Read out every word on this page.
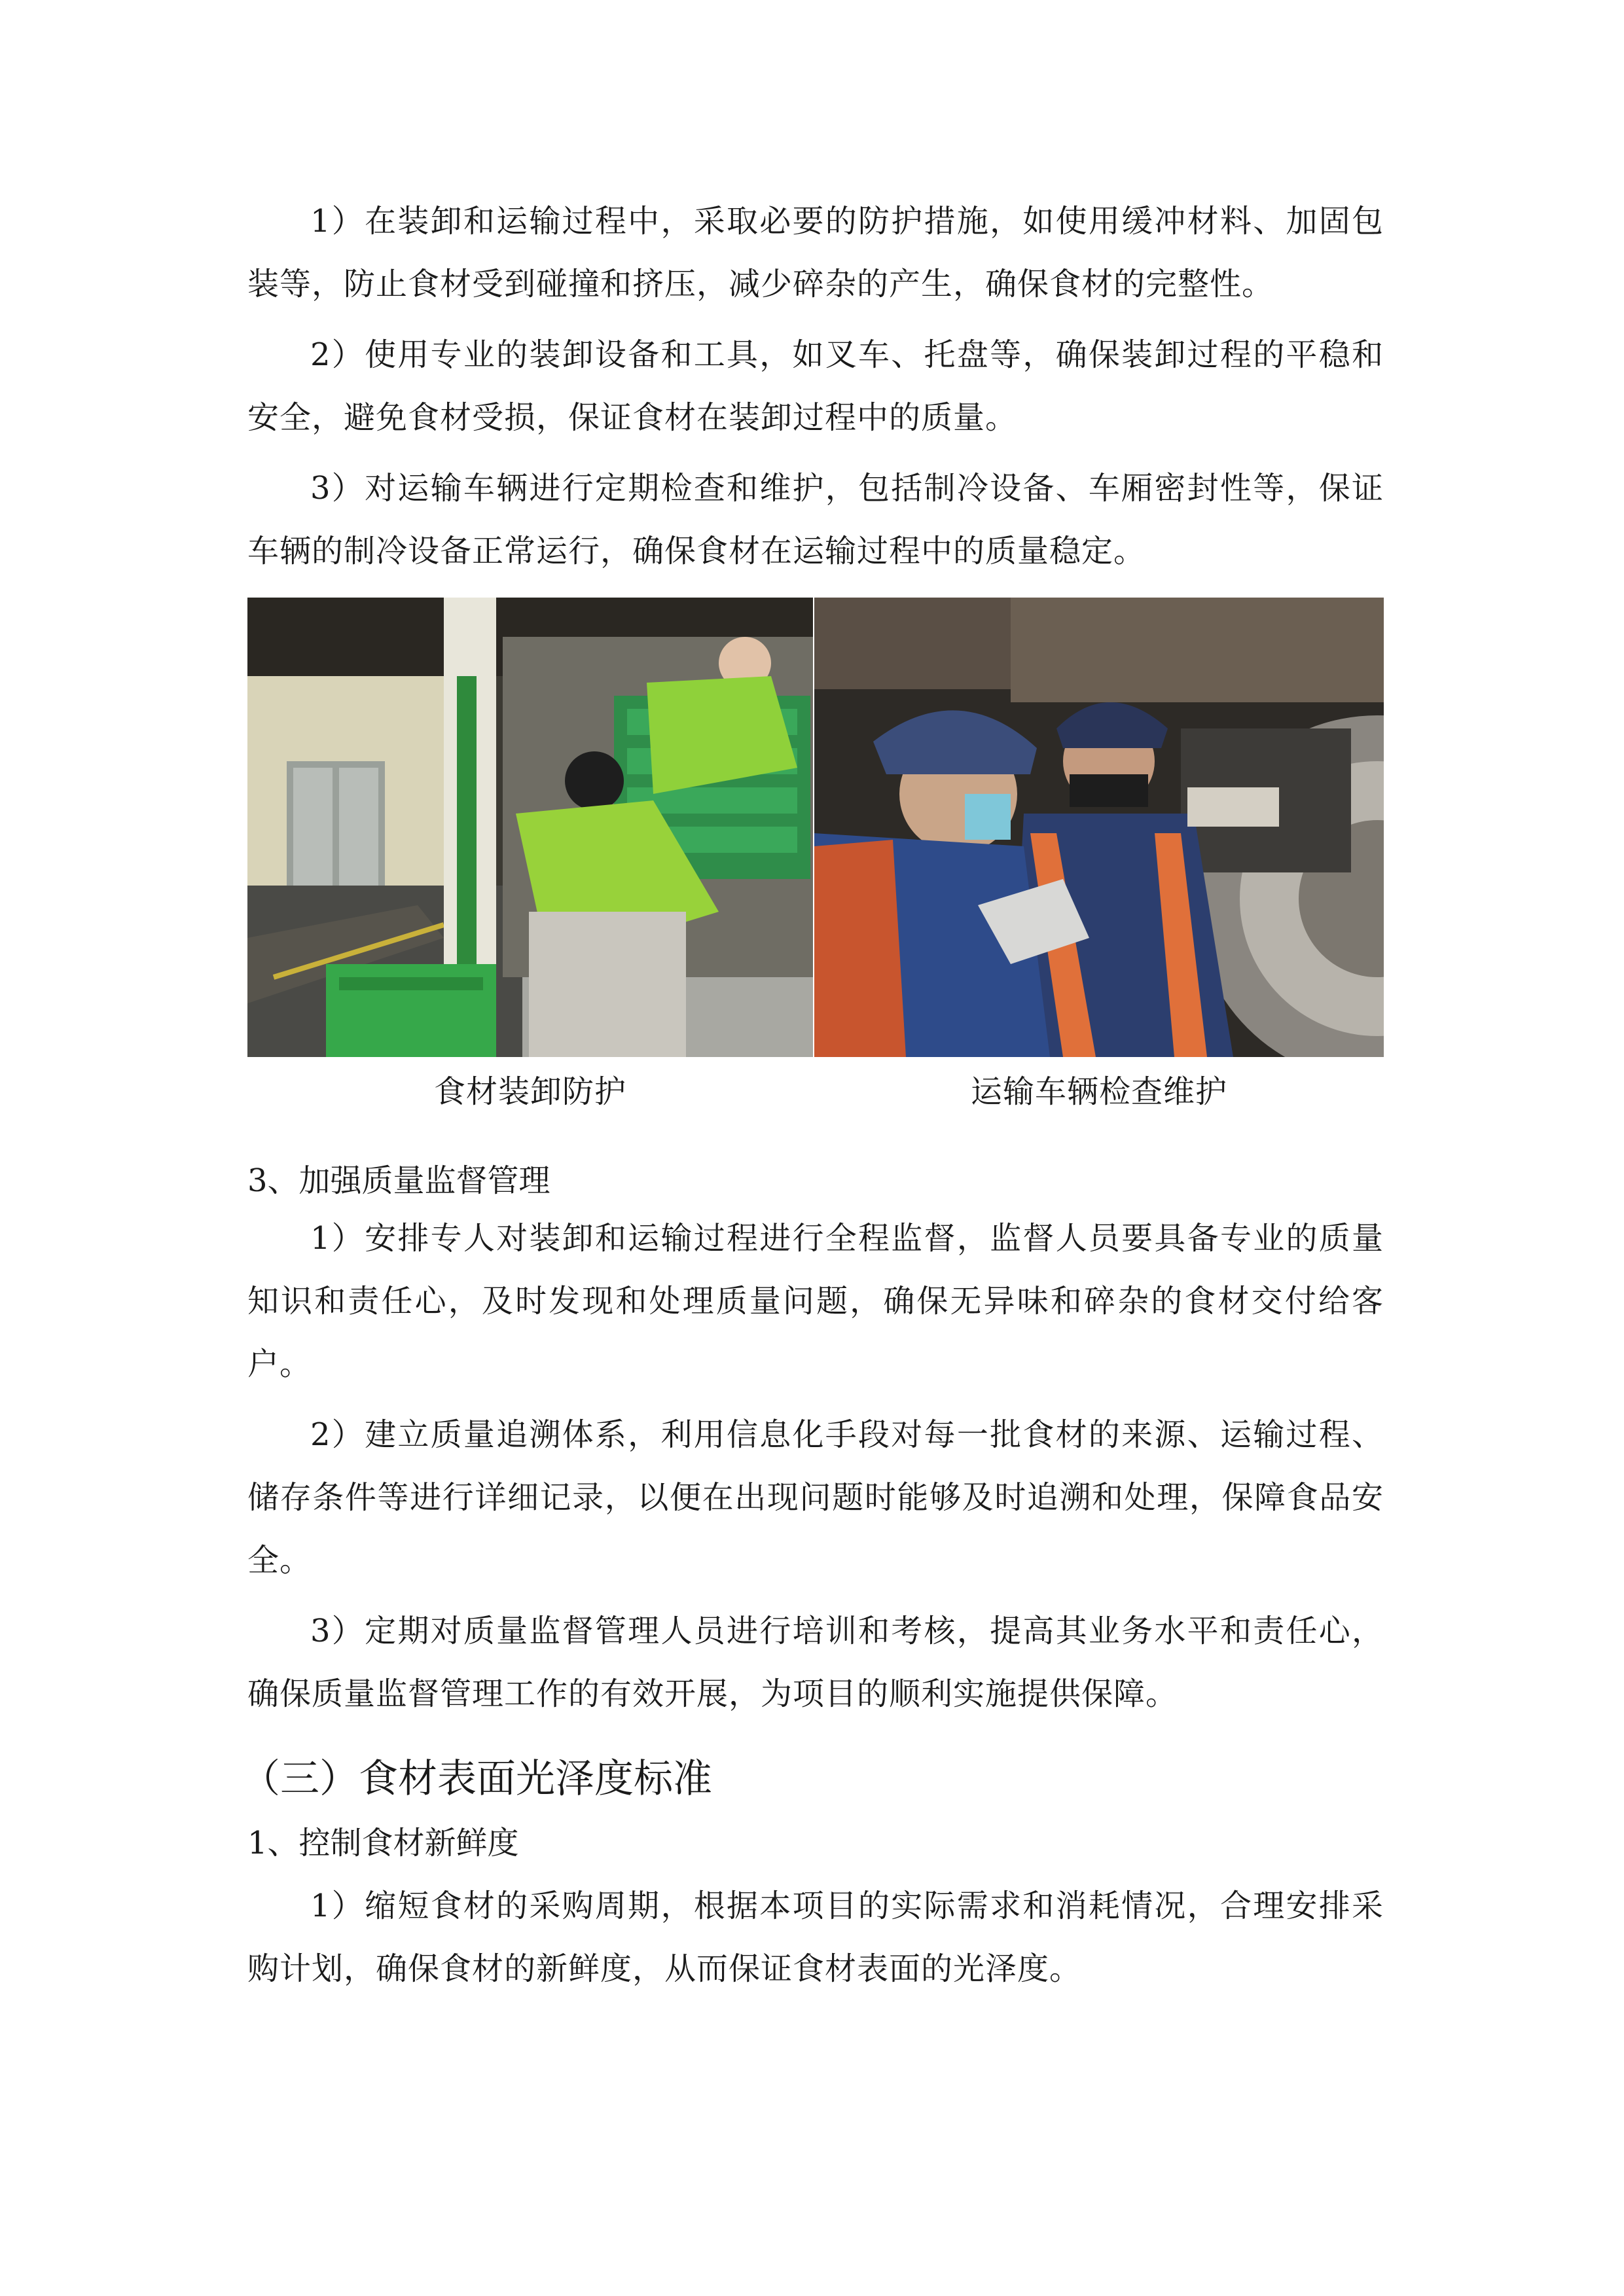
1）在装卸和运输过程中，采取必要的防护措施，如使用缓冲材料、加固包装等，防止食材受到碰撞和挤压，减少碎杂的产生，确保食材的完整性。

2）使用专业的装卸设备和工具，如叉车、托盘等，确保装卸过程的平稳和安全，避免食材受损，保证食材在装卸过程中的质量。

3）对运输车辆进行定期检查和维护，包括制冷设备、车厢密封性等，保证车辆的制冷设备正常运行，确保食材在运输过程中的质量稳定。

食材装卸防护	运输车辆检查维护
3、加强质量监督管理

1）安排专人对装卸和运输过程进行全程监督，监督人员要具备专业的质量知识和责任心，及时发现和处理质量问题，确保无异味和碎杂的食材交付给客户。

2）建立质量追溯体系，利用信息化手段对每一批食材的来源、运输过程、储存条件等进行详细记录，以便在出现问题时能够及时追溯和处理，保障食品安全。

3）定期对质量监督管理人员进行培训和考核，提高其业务水平和责任心，确保质量监督管理工作的有效开展，为项目的顺利实施提供保障。

（三）食材表面光泽度标准
1、控制食材新鲜度

1）缩短食材的采购周期，根据本项目的实际需求和消耗情况，合理安排采购计划，确保食材的新鲜度，从而保证食材表面的光泽度。
